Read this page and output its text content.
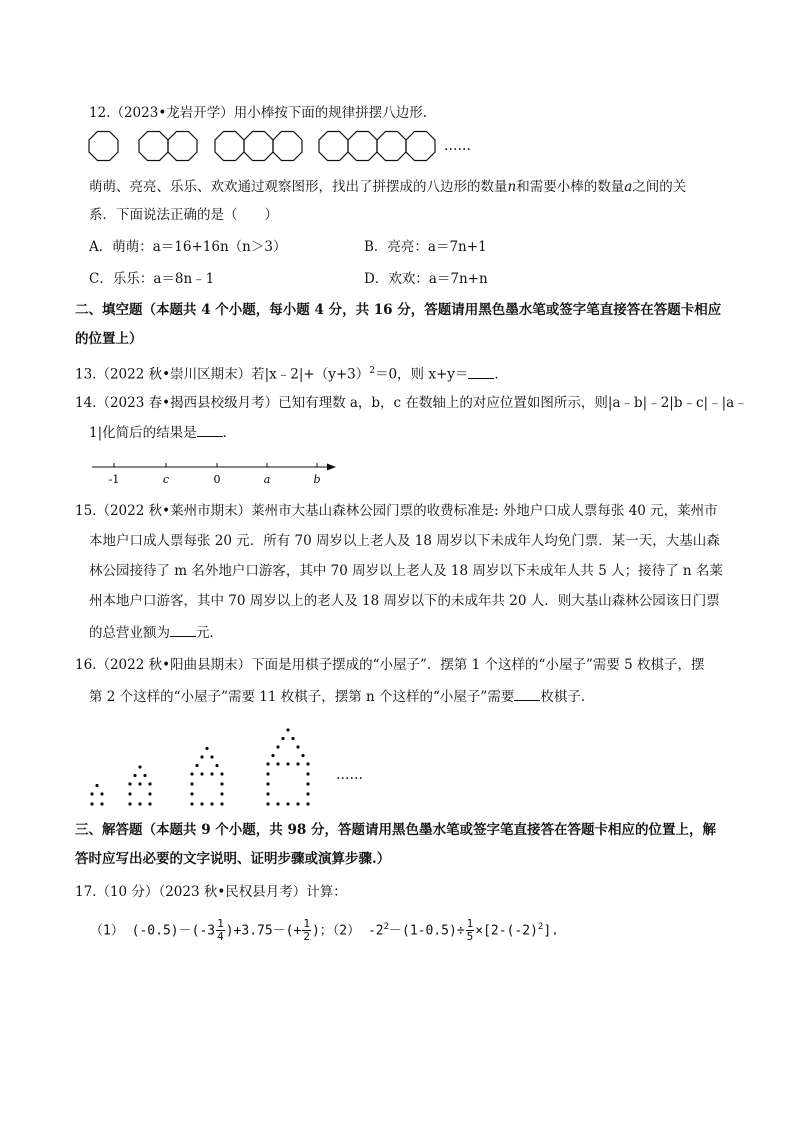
12.（2023•龙岩开学）用小棒按下面的规律拼摆八边形.
……
萌萌、亮亮、乐乐、欢欢通过观察图形，找出了拼摆成的八边形的数量n和需要小棒的数量a之间的关
系．下面说法正确的是（　　）
A．萌萌：a＝16+16n（n＞3）	B．亮亮：a＝7n+1
C．乐乐：a＝8n﹣1	D．欢欢：a＝7n+n
二、填空题（本题共 4 个小题，每小题 4 分，共 16 分，答题请用黑色墨水笔或签字笔直接答在答题卡相应
的位置上）
13.（2022 秋•崇川区期末）若$|x﹣2|+(y+3)^2=0$，则 x+y＝ ．
14.（2023 春•揭西县校级月考）已知有理数 a，b，c 在数轴上的对应位置如图所示，则|a﹣b|﹣2|b﹣c|﹣|a﹣
1|化简后的结果是 ．
-1	c	0	a	b
15.（2022 秋•莱州市期末）莱州市大基山森林公园门票的收费标准是: 外地户口成人票每张 40 元，莱州市
本地户口成人票每张 20 元．所有 70 周岁以上老人及 18 周岁以下未成年人均免门票．某一天，大基山森
林公园接待了 m 名外地户口游客，其中 70 周岁以上老人及 18 周岁以下未成年人共 5 人；接待了 n 名莱
州本地户口游客，其中 70 周岁以上的老人及 18 周岁以下的未成年共 20 人．则大基山森林公园该日门票
的总营业额为 元．
16.（2022 秋•阳曲县期末）下面是用棋子摆成的“小屋子”．摆第 1 个这样的“小屋子”需要 5 枚棋子，摆
第 2 个这样的“小屋子”需要 11 枚棋子，摆第 n 个这样的“小屋子”需要 枚棋子．
……
三、解答题（本题共 9 个小题，共 98 分，答题请用黑色墨水笔或签字笔直接答在答题卡相应的位置上，解
答时应写出必要的文字说明、证明步骤或演算步骤.）
17.（10 分）（2023 秋•民权县月考）计算：
（1） $(-0.5)-(-3 \frac{1}{4} )+3.75-(+ \frac{1}{2}$ )；（2） $-2^2-(1-0.5)\div \frac{1}{5} \times[2-(-2)^2]$.
